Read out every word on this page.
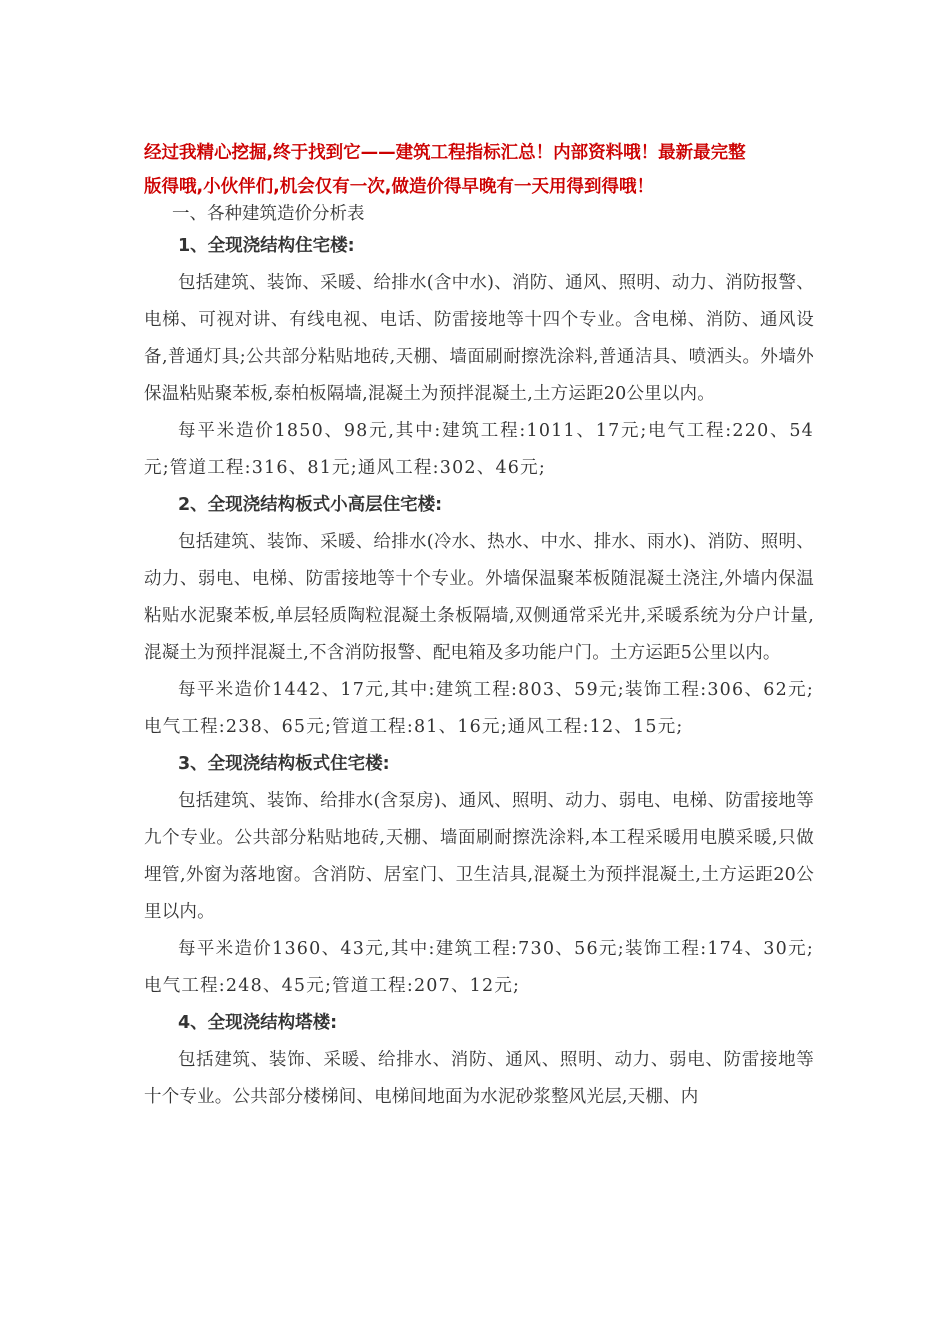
经过我精心挖掘,终于找到它——建筑工程指标汇总！内部资料哦！最新最完整
版得哦,小伙伴们,机会仅有一次,做造价得早晚有一天用得到得哦！
一、各种建筑造价分析表
1、全现浇结构住宅楼:
包括建筑、装饰、采暖、给排水(含中水)、消防、通风、照明、动力、消防报警、电梯、可视对讲、有线电视、电话、防雷接地等十四个专业。含电梯、消防、通风设备,普通灯具;公共部分粘贴地砖,天棚、墙面刷耐擦洗涂料,普通洁具、喷洒头。外墙外保温粘贴聚苯板,泰柏板隔墙,混凝土为预拌混凝土,土方运距20公里以内。
每平米造价1850、98元,其中:建筑工程:1011、17元;电气工程:220、54元;管道工程:316、81元;通风工程:302、46元;
2、全现浇结构板式小高层住宅楼:
包括建筑、装饰、采暖、给排水(冷水、热水、中水、排水、雨水)、消防、照明、动力、弱电、电梯、防雷接地等十个专业。外墙保温聚苯板随混凝土浇注,外墙内保温粘贴水泥聚苯板,单层轻质陶粒混凝土条板隔墙,双侧通常采光井,采暖系统为分户计量,混凝土为预拌混凝土,不含消防报警、配电箱及多功能户门。土方运距5公里以内。
每平米造价1442、17元,其中:建筑工程:803、59元;装饰工程:306、62元;电气工程:238、65元;管道工程:81、16元;通风工程:12、15元;
3、全现浇结构板式住宅楼:
包括建筑、装饰、给排水(含泵房)、通风、照明、动力、弱电、电梯、防雷接地等九个专业。公共部分粘贴地砖,天棚、墙面刷耐擦洗涂料,本工程采暖用电膜采暖,只做埋管,外窗为落地窗。含消防、居室门、卫生洁具,混凝土为预拌混凝土,土方运距20公里以内。
每平米造价1360、43元,其中:建筑工程:730、56元;装饰工程:174、30元;电气工程:248、45元;管道工程:207、12元;
4、全现浇结构塔楼:
包括建筑、装饰、采暖、给排水、消防、通风、照明、动力、弱电、防雷接地等十个专业。公共部分楼梯间、电梯间地面为水泥砂浆整风光层,天棚、内
